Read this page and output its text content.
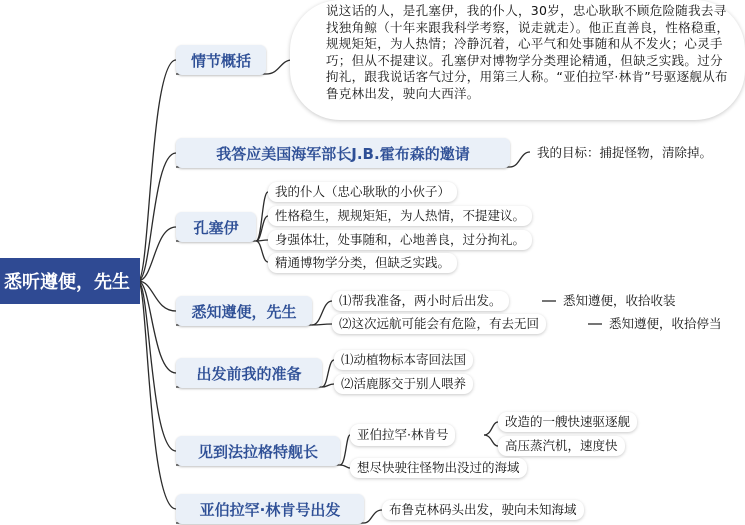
悉听遵便，先生
情节概括
说这话的人，是孔塞伊，我的仆人，30岁，忠心耿耿不顾危险随我去寻找独角鲸（十年来跟我科学考察，说走就走）。他正直善良，性格稳重，规规矩矩，为人热情；冷静沉着，心平气和处事随和从不发火；心灵手巧；但从不提建议。孔塞伊对博物学分类理论精通，但缺乏实践。过分拘礼，跟我说话客气过分，用第三人称。“亚伯拉罕·林肯”号驱逐舰从布鲁克林出发，驶向大西洋。
我答应美国海军部长J.B.霍布森的邀请	我的目标：捕捉怪物，清除掉。
孔塞伊
我的仆人（忠心耿耿的小伙子）
性格稳生，规规矩矩，为人热情，不提建议。
身强体壮，处事随和，心地善良，过分拘礼。
精通博物学分类，但缺乏实践。
悉知遵便，先生
⑴帮我准备，两小时后出发。	悉知遵便，收拾收装
⑵这次远航可能会有危险，有去无回	悉知遵便，收拾停当
出发前我的准备
⑴动植物标本寄回法国
⑵活鹿豚交于别人喂养
见到法拉格特舰长
亚伯拉罕·林肯号
改造的一艘快速驱逐舰
高压蒸汽机，速度快
想尽快驶往怪物出没过的海域
亚伯拉罕·林肯号出发	布鲁克林码头出发，驶向未知海域
